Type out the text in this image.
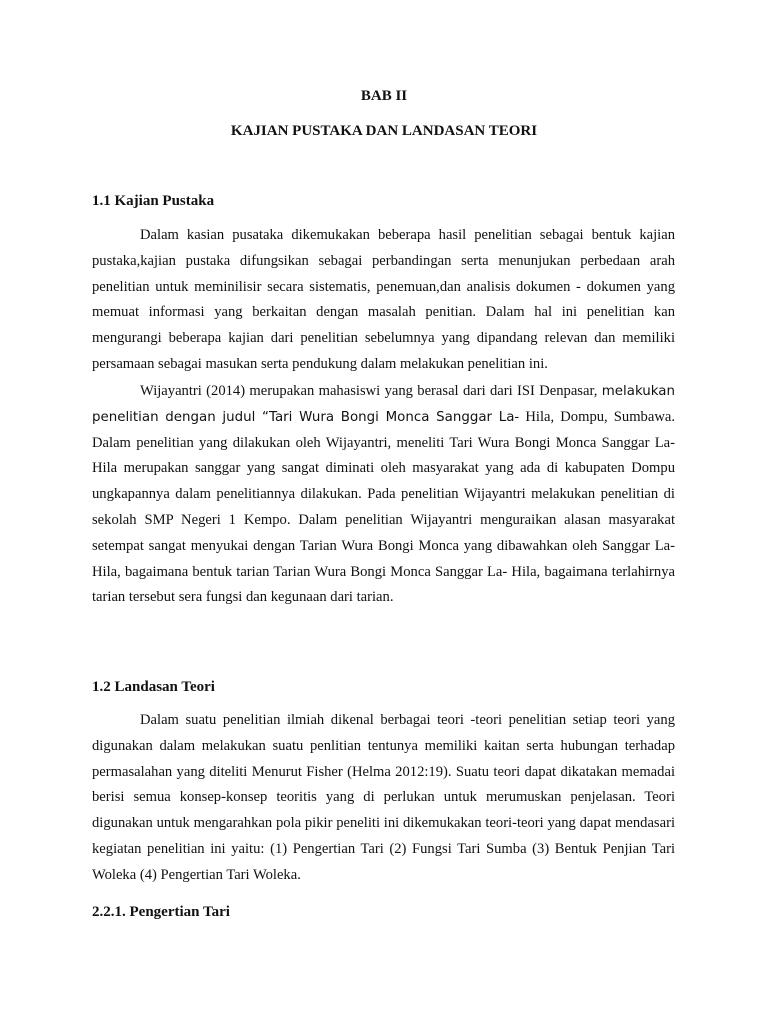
BAB II

KAJIAN PUSTAKA DAN LANDASAN TEORI

1.1 Kajian Pustaka

Dalam kasian pusataka dikemukakan beberapa hasil penelitian sebagai bentuk kajian pustaka,kajian pustaka difungsikan sebagai perbandingan serta menunjukan perbedaan arah penelitian untuk meminilisir secara sistematis, penemuan,dan analisis dokumen - dokumen yang memuat informasi yang berkaitan dengan masalah penitian. Dalam hal ini penelitian kan mengurangi beberapa kajian dari penelitian sebelumnya yang dipandang relevan dan memiliki persamaan sebagai masukan serta pendukung dalam melakukan penelitian ini.

Wijayantri (2014) merupakan mahasiswi yang berasal dari dari ISI Denpasar, melakukan penelitian dengan judul “Tari Wura Bongi Monca Sanggar La- Hila, Dompu, Sumbawa. Dalam penelitian yang dilakukan oleh Wijayantri, meneliti Tari Wura Bongi Monca Sanggar La- Hila merupakan sanggar yang sangat diminati oleh masyarakat yang ada di kabupaten Dompu ungkapannya dalam penelitiannya dilakukan. Pada penelitian Wijayantri melakukan penelitian di sekolah SMP Negeri 1 Kempo. Dalam penelitian Wijayantri menguraikan alasan masyarakat setempat sangat menyukai dengan Tarian Wura Bongi Monca yang dibawahkan oleh Sanggar La- Hila, bagaimana bentuk tarian Tarian Wura Bongi Monca Sanggar La- Hila, bagaimana terlahirnya tarian tersebut sera fungsi dan kegunaan dari tarian.

1.2 Landasan Teori

Dalam suatu penelitian ilmiah dikenal berbagai teori -teori penelitian setiap teori yang digunakan dalam melakukan suatu penlitian tentunya memiliki kaitan serta hubungan terhadap permasalahan yang diteliti Menurut Fisher (Helma 2012:19). Suatu teori dapat dikatakan memadai berisi semua konsep-konsep teoritis yang di perlukan untuk merumuskan penjelasan. Teori digunakan untuk mengarahkan pola pikir peneliti ini dikemukakan teori-teori yang dapat mendasari kegiatan penelitian ini yaitu: (1) Pengertian Tari (2) Fungsi Tari Sumba (3) Bentuk Penjian Tari Woleka (4) Pengertian Tari Woleka.

2.2.1. Pengertian Tari
